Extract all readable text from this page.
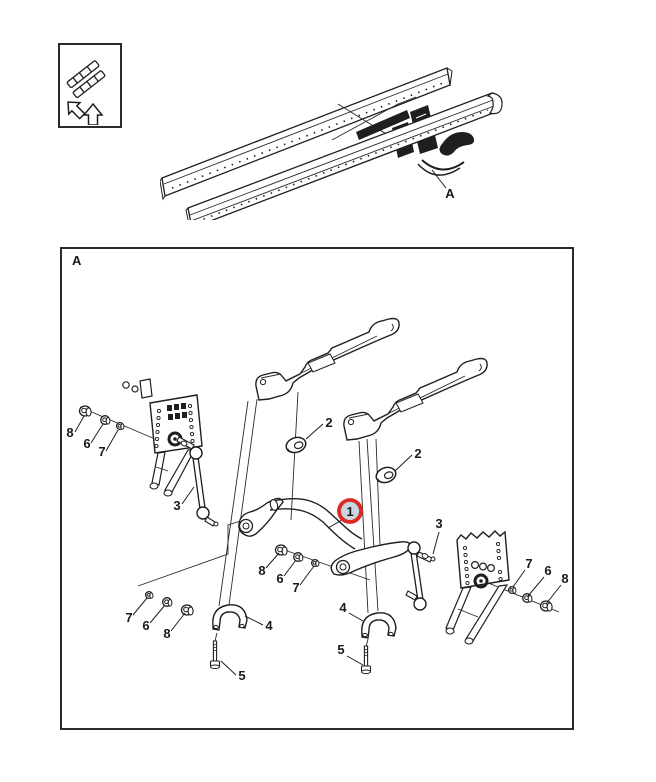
A
A
8
6
7
2
2
3
3
8
6
7
7
6
8
7 6
8
4
4
5
5
1
